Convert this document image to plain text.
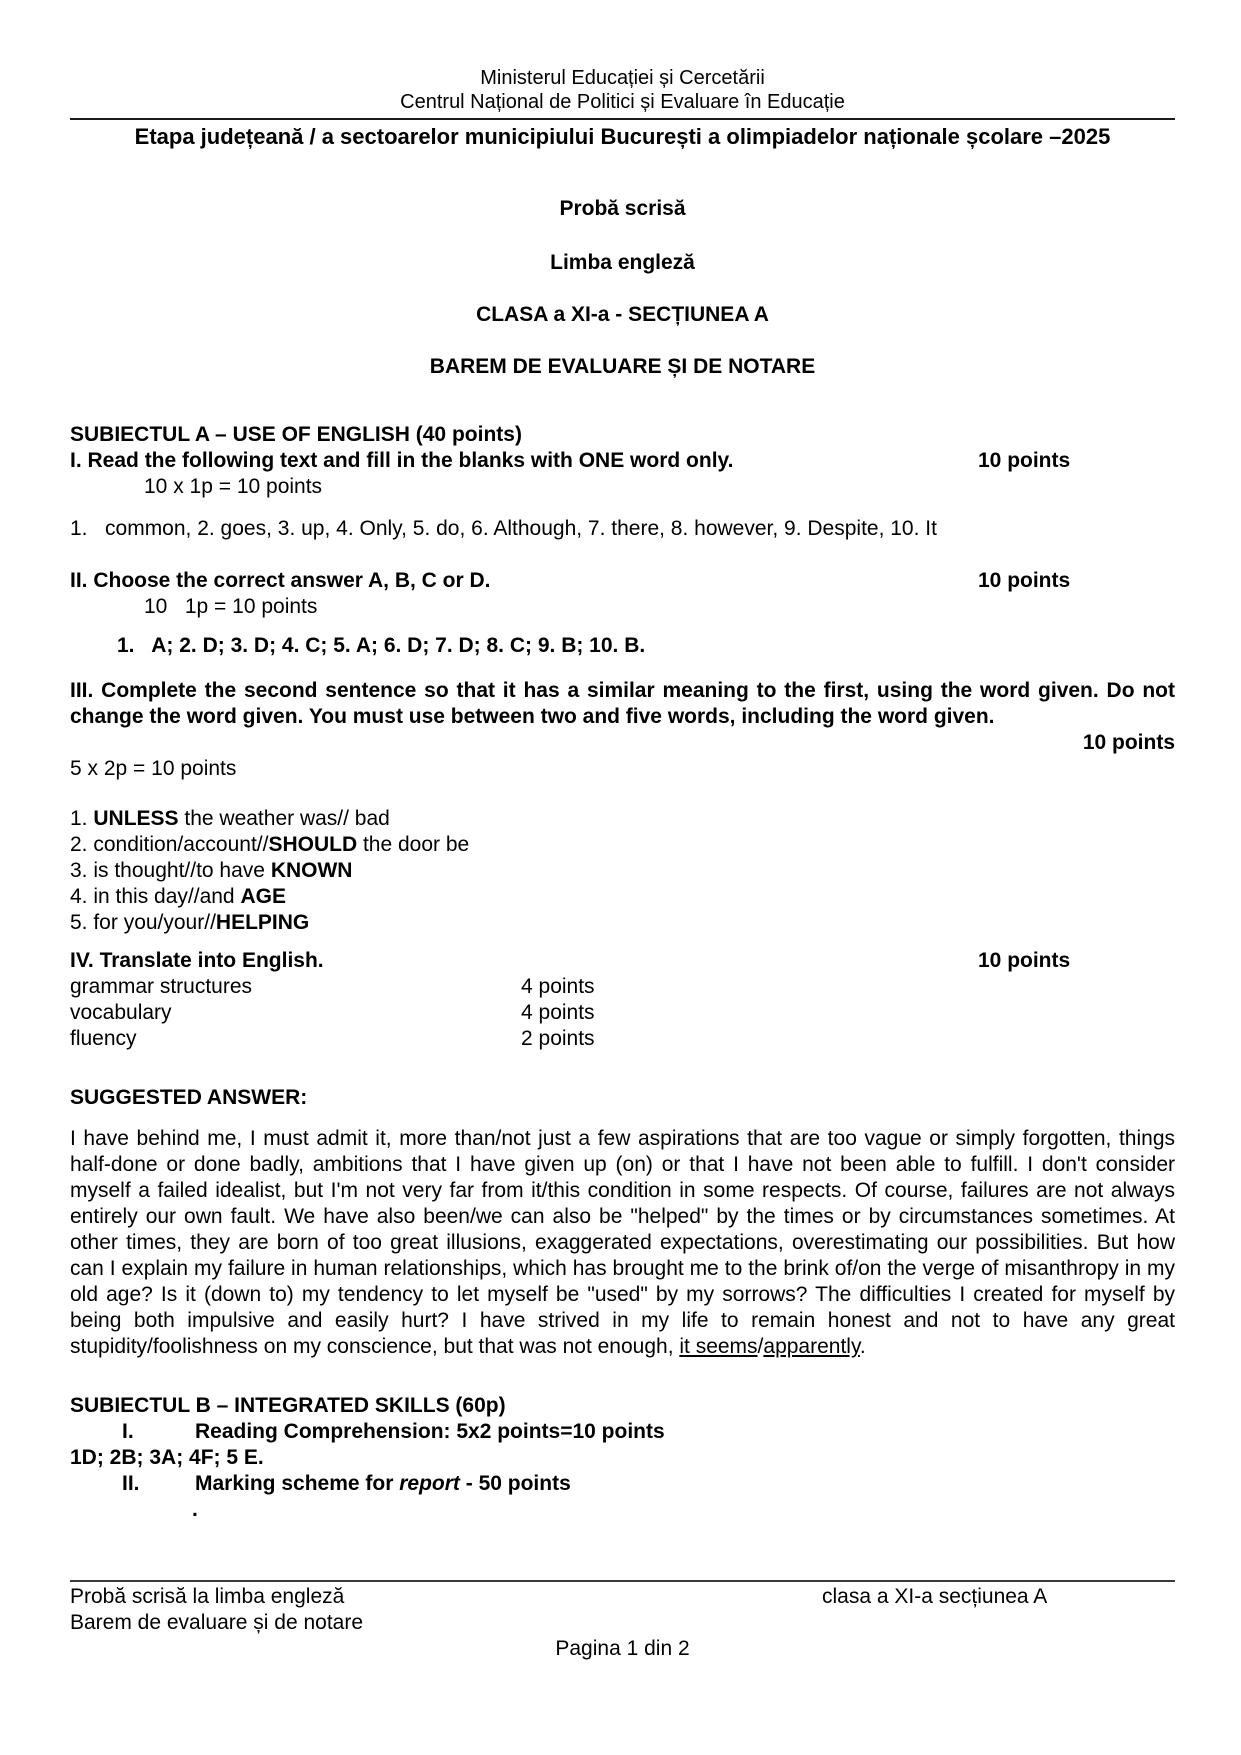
Ministerul Educației și Cercetării
Centrul Național de Politici și Evaluare în Educație
Etapa județeană / a sectoarelor municipiului București a olimpiadelor naționale școlare –2025
Probă scrisă
Limba engleză
CLASA a XI-a - SECȚIUNEA A
BAREM DE EVALUARE ȘI DE NOTARE
SUBIECTUL A – USE OF ENGLISH (40 points)
I. Read the following text and fill in the blanks with ONE word only.	10 points
10 x 1p = 10 points
1.   common, 2. goes, 3. up, 4. Only, 5. do, 6. Although, 7. there, 8. however, 9. Despite, 10. It
II. Choose the correct answer A, B, C or D.	10 points
10   1p = 10 points
1.   A; 2. D; 3. D; 4. C; 5. A; 6. D; 7. D; 8. C; 9. B; 10. B.
III. Complete the second sentence so that it has a similar meaning to the first, using the word given. Do not change the word given. You must use between two and five words, including the word given.
10 points
5 x 2p = 10 points
1. UNLESS the weather was// bad
2. condition/account//SHOULD the door be
3. is thought//to have KNOWN
4. in this day//and AGE
5. for you/your//HELPING
IV. Translate into English.	10 points
grammar structures	4 points
vocabulary	4 points
fluency	2 points
SUGGESTED ANSWER:
I have behind me, I must admit it, more than/not just a few aspirations that are too vague or simply forgotten, things half-done or done badly, ambitions that I have given up (on) or that I have not been able to fulfill. I don't consider myself a failed idealist, but I'm not very far from it/this condition in some respects. Of course, failures are not always entirely our own fault. We have also been/we can also be "helped" by the times or by circumstances sometimes. At other times, they are born of too great illusions, exaggerated expectations, overestimating our possibilities. But how can I explain my failure in human relationships, which has brought me to the brink of/on the verge of misanthropy in my old age? Is it (down to) my tendency to let myself be "used" by my sorrows? The difficulties I created for myself by being both impulsive and easily hurt? I have strived in my life to remain honest and not to have any great stupidity/foolishness on my conscience, but that was not enough, it seems/apparently.
SUBIECTUL B – INTEGRATED SKILLS (60p)
I.	Reading Comprehension: 5x2 points=10 points
1D; 2B; 3A; 4F; 5 E.
II.	Marking scheme for report - 50 points
.
Probă scrisă la limba engleză	clasa a XI-a secțiunea A
Barem de evaluare și de notare
Pagina 1 din 2
